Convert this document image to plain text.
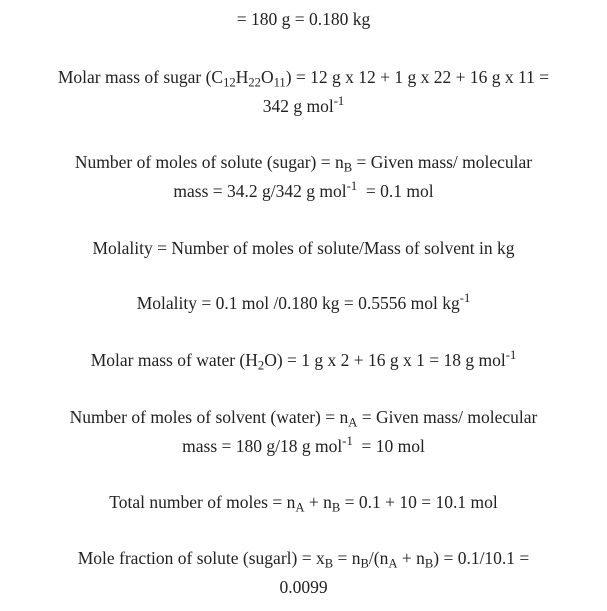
= 180 g = 0.180 kg
Molar mass of sugar $(C_{12}H_{22}O_{11}) = 12$ g x 12 + 1 g x 22 + 16 g x 11 =
342 g mol$^{-1}$
Number of moles of solute (sugar) = $n_B$ = Given mass/ molecular
mass = 34.2 g/342 g mol$^{-1}$  = 0.1 mol
Molality = Number of moles of solute/Mass of solvent in kg
Molality = 0.1 mol /0.180 kg = 0.5556 mol $kg^{-1}$
Molar mass of water $(H_2O) = 1$ g x 2 + 16 g x 1 = 18 g mol$^{-1}$
Number of moles of solvent (water) = $n_A$ = Given mass/ molecular
mass = 180 g/18 g mol$^{-1}$  = 10 mol
Total number of moles = $n_A + n_B = 0.1 + 10 = 10.1$ mol
Mole fraction of solute (sugarl) = $x_B = n_B/(n_A + n_B) = 0.1/10.1$ =
0.0099
